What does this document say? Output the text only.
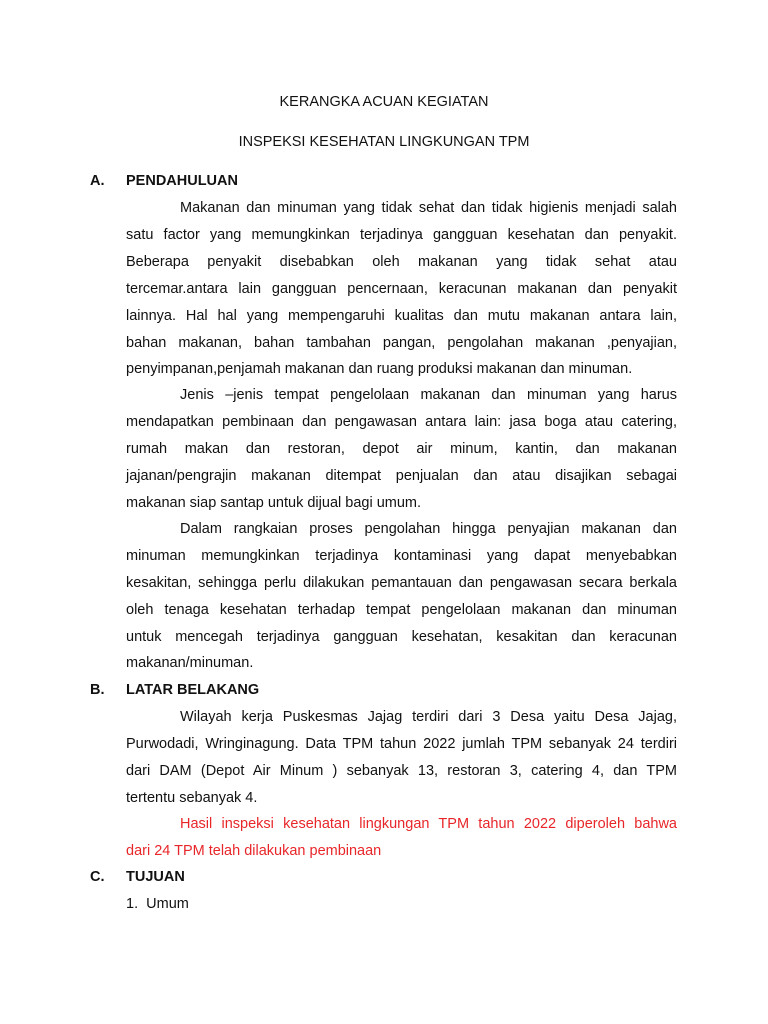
KERANGKA ACUAN KEGIATAN
INSPEKSI KESEHATAN LINGKUNGAN TPM
A. PENDAHULUAN
Makanan dan minuman yang tidak sehat dan tidak higienis menjadi salah
satu factor yang memungkinkan terjadinya gangguan kesehatan dan penyakit.
Beberapa penyakit disebabkan oleh makanan yang tidak sehat atau
tercemar.antara lain gangguan pencernaan, keracunan makanan dan penyakit
lainnya. Hal hal yang mempengaruhi kualitas dan mutu makanan antara lain,
bahan makanan, bahan tambahan pangan, pengolahan makanan ,penyajian,
penyimpanan,penjamah makanan dan ruang produksi makanan dan minuman.
Jenis –jenis tempat pengelolaan makanan dan minuman yang harus
mendapatkan pembinaan dan pengawasan antara lain: jasa boga atau catering,
rumah makan dan restoran, depot air minum, kantin, dan makanan
jajanan/pengrajin makanan ditempat penjualan dan atau disajikan sebagai
makanan siap santap untuk dijual bagi umum.
Dalam rangkaian proses pengolahan hingga penyajian makanan dan
minuman memungkinkan terjadinya kontaminasi yang dapat menyebabkan
kesakitan, sehingga perlu dilakukan pemantauan dan pengawasan secara berkala
oleh tenaga kesehatan terhadap tempat pengelolaan makanan dan minuman
untuk mencegah terjadinya gangguan kesehatan, kesakitan dan keracunan
makanan/minuman.
B. LATAR BELAKANG
Wilayah kerja Puskesmas Jajag terdiri dari 3 Desa yaitu Desa Jajag,
Purwodadi, Wringinagung. Data TPM tahun 2022 jumlah TPM sebanyak 24 terdiri
dari DAM (Depot Air Minum ) sebanyak 13, restoran 3, catering 4, dan TPM
tertentu sebanyak 4.
Hasil inspeksi kesehatan lingkungan TPM tahun 2022 diperoleh bahwa
dari 24 TPM telah dilakukan pembinaan
C. TUJUAN
1.  Umum
